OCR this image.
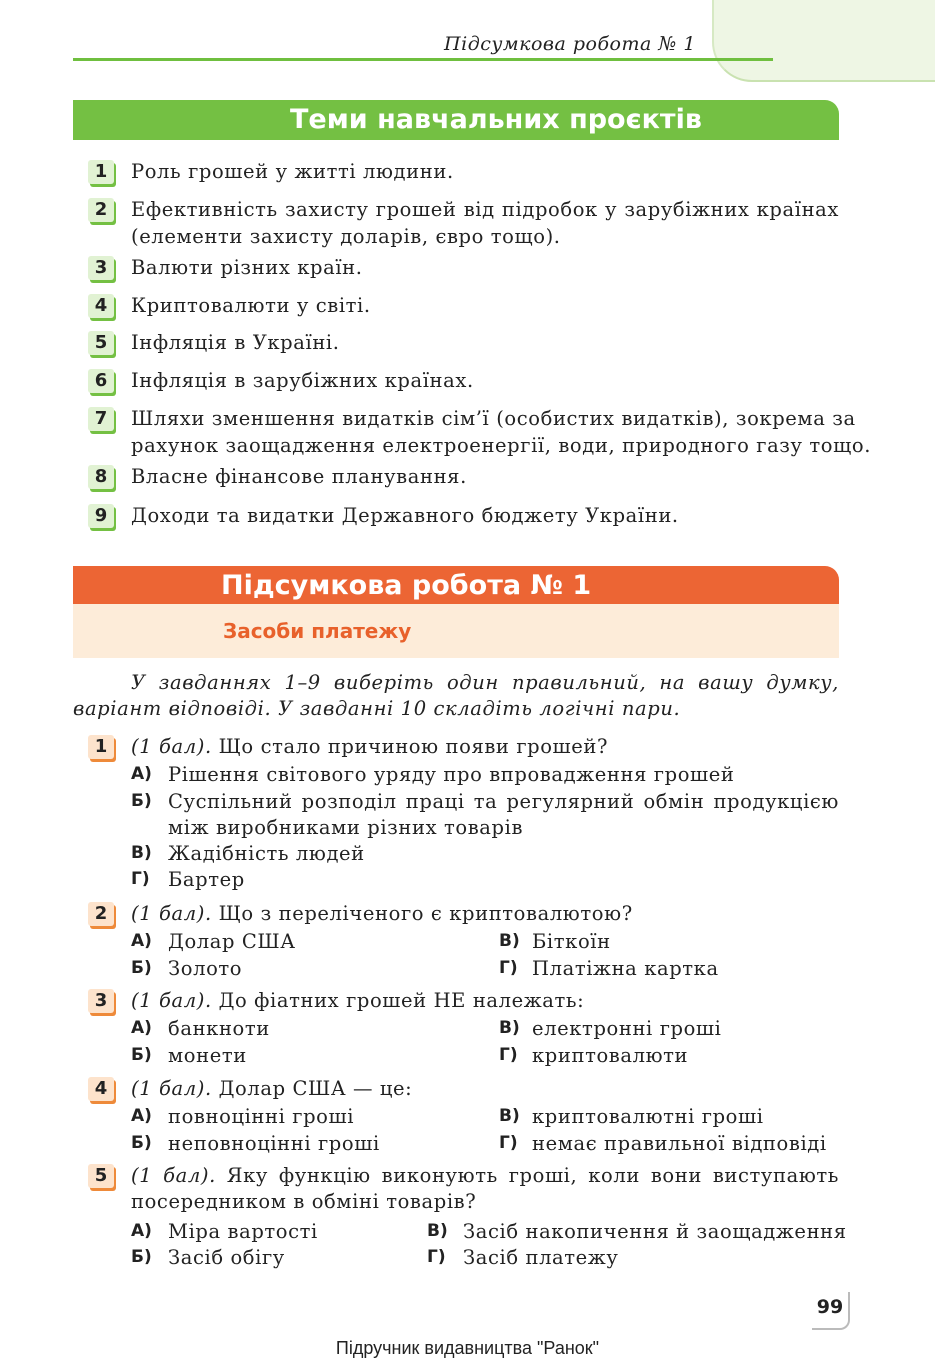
Підсумкова робота № 1
Теми навчальних проєктів
1	Роль грошей у житті людини.
2	Ефективність захисту грошей від підробок у зарубіжних країнах
(елементи захисту доларів, євро тощо).
3	Валюти різних країн.
4	Криптовалюти у світі.
5	Інфляція в Україні.
6	Інфляція в зарубіжних країнах.
7	Шляхи зменшення видатків сім’ї (особистих видатків), зокрема за
рахунок заощадження електроенергії, води, природного газу тощо.
8	Власне фінансове планування.
9	Доходи та видатки Державного бюджету України.
Підсумкова робота № 1
Засоби платежу
У завданнях 1–9 виберіть один правильний, на вашу думку,
варіант відповіді. У завданні 10 складіть логічні пари.
1	(1 бал). Що стало причиною появи грошей?
А) Рішення світового уряду про впровадження грошей
Б) Суспільний розподіл праці та регулярний обмін продукцією
між виробниками різних товарів
В) Жадібність людей
Г) Бартер
2	(1 бал). Що з переліченого є криптовалютою?
А) Долар США
Б) Золото
В) Біткоїн
Г) Платіжна картка
3	(1 бал). До фіатних грошей НЕ належать:
А) банкноти
Б) монети
В) електронні гроші
Г) криптовалюти
4	(1 бал). Долар США — це:
А) повноцінні гроші
Б) неповноцінні гроші
В) криптовалютні гроші
Г) немає правильної відповіді
5	(1 бал). Яку функцію виконують гроші, коли вони виступають
посередником в обміні товарів?
А) Міра вартості
Б) Засіб обігу
В) Засіб накопичення й заощадження
Г) Засіб платежу
99
Підручник видавництва "Ранок"
